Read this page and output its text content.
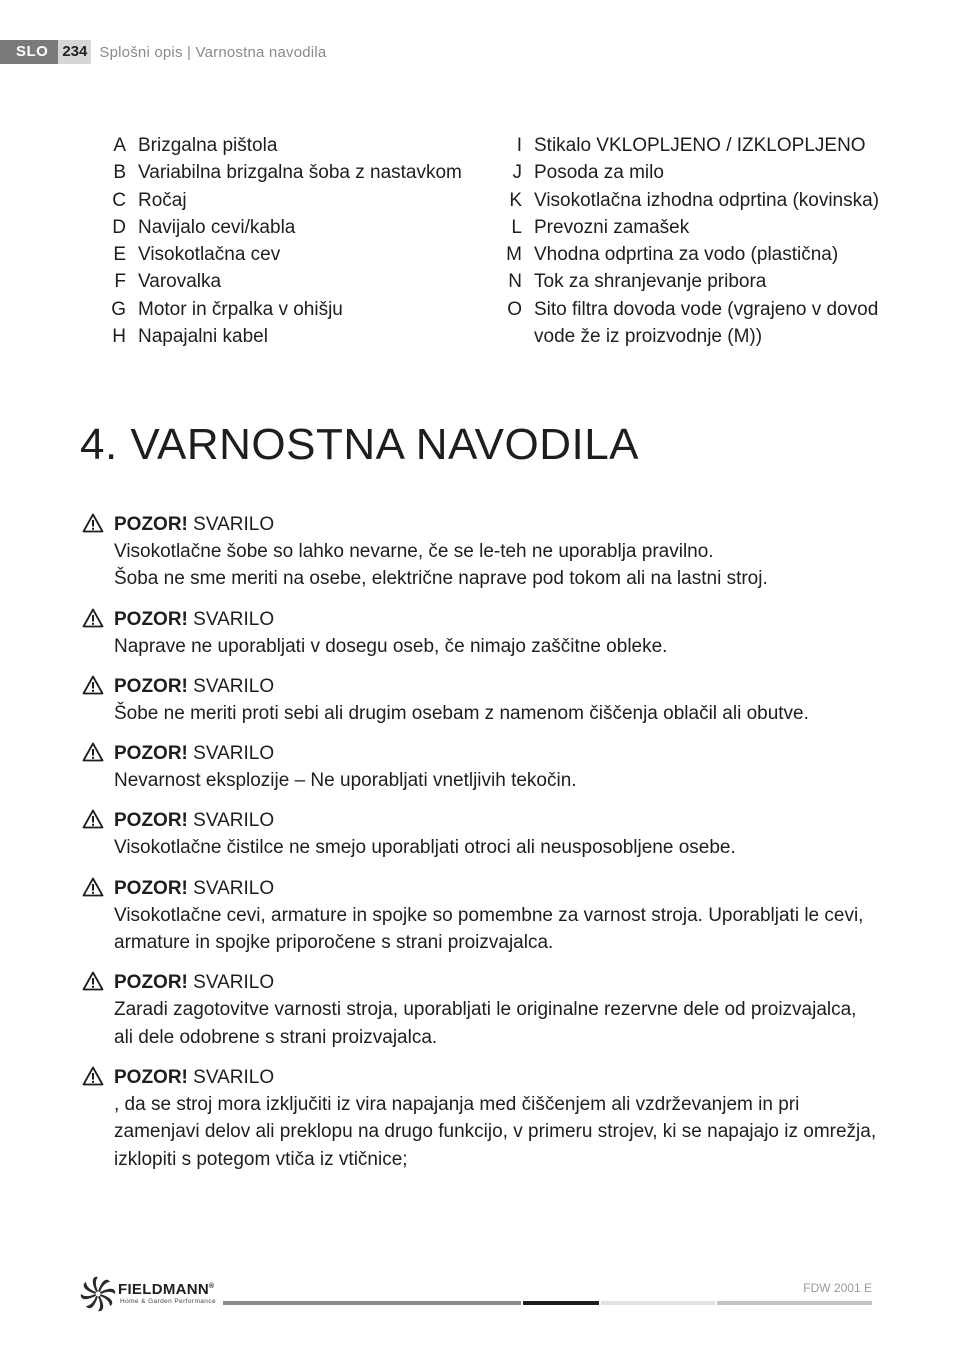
SLO 234 Splošni opis | Varnostna navodila
A Brizgalna pištola
B Variabilna brizgalna šoba z nastavkom
C Ročaj
D Navijalo cevi/kabla
E Visokotlačna cev
F Varovalka
G Motor in črpalka v ohišju
H Napajalni kabel
I Stikalo VKLOPLJENO / IZKLOPLJENO
J Posoda za milo
K Visokotlačna izhodna odprtina (kovinska)
L Prevozni zamašek
M Vhodna odprtina za vodo (plastična)
N Tok za shranjevanje pribora
O Sito filtra dovoda vode (vgrajeno v dovod vode že iz proizvodnje (M))
4. VARNOSTNA NAVODILA
POZOR! SVARILO
Visokotlačne šobe so lahko nevarne, če se le-teh ne uporablja pravilno.
Šoba ne sme meriti na osebe, električne naprave pod tokom ali na lastni stroj.
POZOR! SVARILO
Naprave ne uporabljati v dosegu oseb, če nimajo zaščitne obleke.
POZOR! SVARILO
Šobe ne meriti proti sebi ali drugim osebam z namenom čiščenja oblačil ali obutve.
POZOR! SVARILO
Nevarnost eksplozije – Ne uporabljati vnetljivih tekočin.
POZOR! SVARILO
Visokotlačne čistilce ne smejo uporabljati otroci ali neusposobljene osebe.
POZOR! SVARILO
Visokotlačne cevi, armature in spojke so pomembne za varnost stroja. Uporabljati le cevi, armature in spojke priporočene s strani proizvajalca.
POZOR! SVARILO
Zaradi zagotovitve varnosti stroja, uporabljati le originalne rezervne dele od proizvajalca, ali dele odobrene s strani proizvajalca.
POZOR! SVARILO
, da se stroj mora izključiti iz vira napajanja med čiščenjem ali vzdrževanjem in pri zamenjavi delov ali preklopu na drugo funkcijo, v primeru strojev, ki se napajajo iz omrežja, izklopiti s potegom vtiča iz vtičnice;
FIELDMANN®
Home & Garden Performance
FDW 2001 E
